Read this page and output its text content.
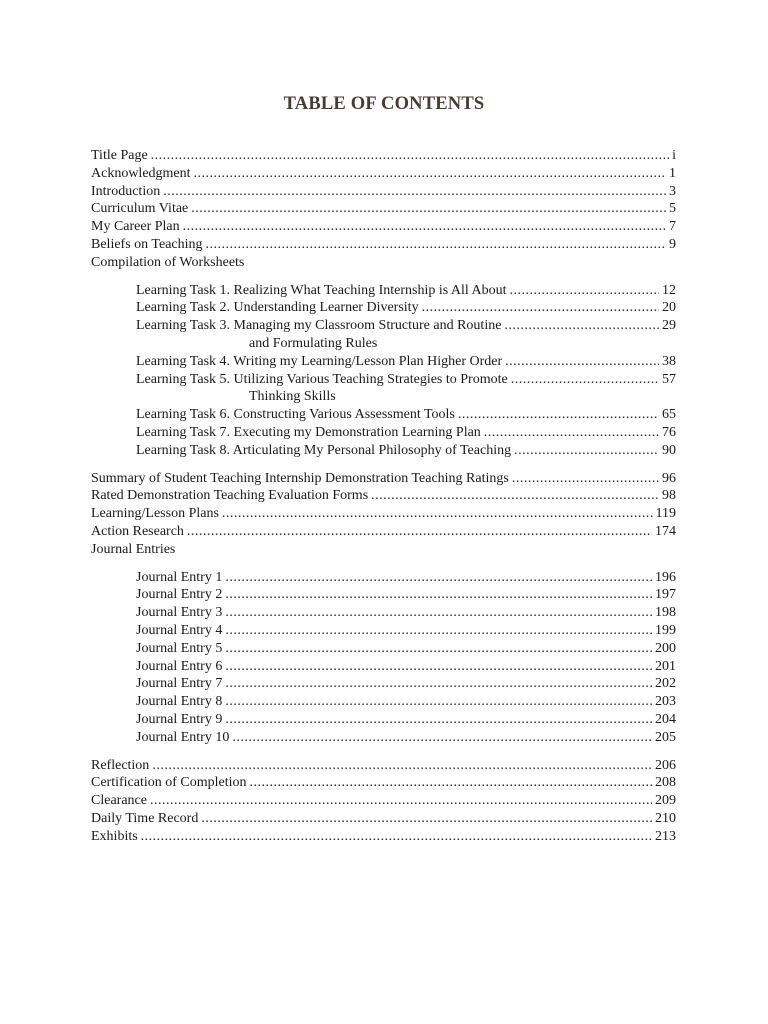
TABLE OF CONTENTS
Title Page .....	i
Acknowledgment .....	1
Introduction .....	3
Curriculum Vitae .....	5
My Career Plan .....	7
Beliefs on Teaching .....	9
Compilation of Worksheets
Learning Task 1. Realizing What Teaching Internship is All About .....	12
Learning Task 2. Understanding Learner Diversity .....	20
Learning Task 3. Managing my Classroom Structure and Routine .....	29
and Formulating Rules
Learning Task 4. Writing my Learning/Lesson Plan Higher Order .....	38
Learning Task 5. Utilizing Various Teaching Strategies to Promote .....	57
Thinking Skills
Learning Task 6. Constructing Various Assessment Tools .....	65
Learning Task 7. Executing my Demonstration Learning Plan .....	76
Learning Task 8. Articulating My Personal Philosophy of Teaching .....	90
Summary of Student Teaching Internship Demonstration Teaching Ratings .....	96
Rated Demonstration Teaching Evaluation Forms .....	98
Learning/Lesson Plans .....	119
Action Research .....	174
Journal Entries
Journal Entry 1 .....	196
Journal Entry 2 .....	197
Journal Entry 3 .....	198
Journal Entry 4 .....	199
Journal Entry 5 .....	200
Journal Entry 6 .....	201
Journal Entry 7 .....	202
Journal Entry 8 .....	203
Journal Entry 9 .....	204
Journal Entry 10 .....	205
Reflection .....	206
Certification of Completion .....	208
Clearance .....	209
Daily Time Record .....	210
Exhibits .....	213
